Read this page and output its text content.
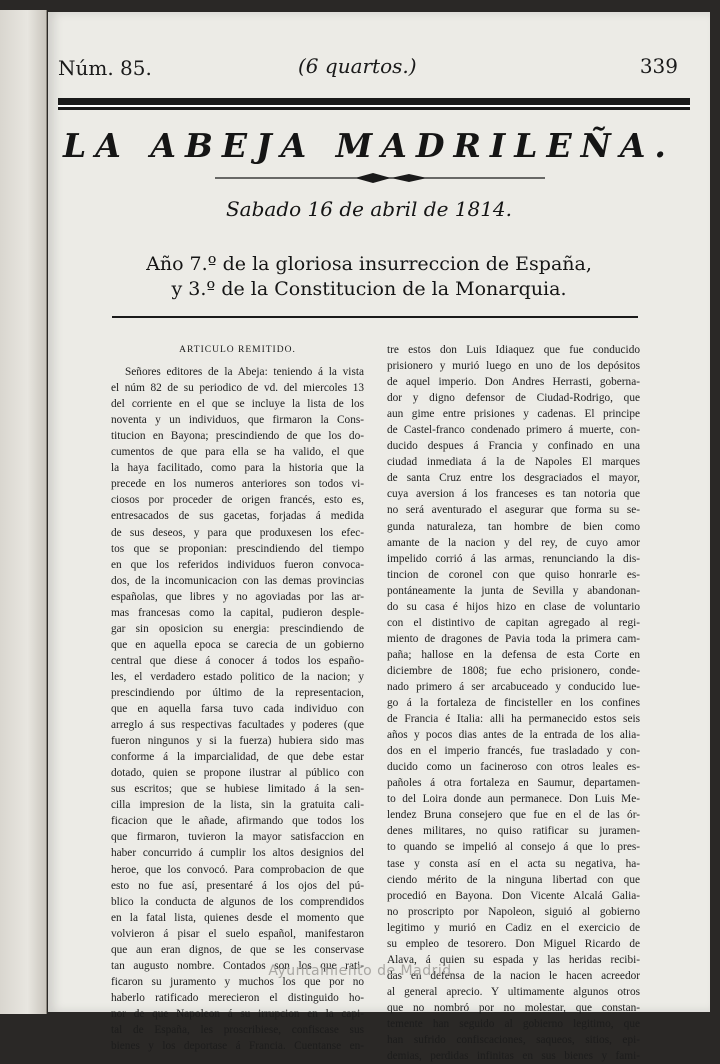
Núm. 85.	(6 quartos.)	339
LA ABEJA MADRILEÑA.
Sabado 16 de abril de 1814.
Año 7.º de la gloriosa insurreccion de España,
y 3.º de la Constitucion de la Monarquia.
ARTICULO REMITIDO.
Señores editores de la Abeja: teniendo á la vista
el núm 82 de su periodico de vd. del miercoles 13
del corriente en el que se incluye la lista de los
noventa y un individuos, que firmaron la Cons-
titucion en Bayona; prescindiendo de que los do-
cumentos de que para ella se ha valido, el que
la haya facilitado, como para la historia que la
precede en los numeros anteriores son todos vi-
ciosos por proceder de origen francés, esto es,
entresacados de sus gacetas, forjadas á medida
de sus deseos, y para que produxesen los efec-
tos que se proponian: prescindiendo del tiempo
en que los referidos individuos fueron convoca-
dos, de la incomunicacion con las demas provincias
españolas, que libres y no agoviadas por las ar-
mas francesas como la capital, pudieron desple-
gar sin oposicion su energia: prescindiendo de
que en aquella epoca se carecia de un gobierno
central que diese á conocer á todos los españo-
les, el verdadero estado politico de la nacion; y
prescindiendo por último de la representacion,
que en aquella farsa tuvo cada individuo con
arreglo á sus respectivas facultades y poderes (que
fueron ningunos y si la fuerza) hubiera sido mas
conforme á la imparcialidad, de que debe estar
dotado, quien se propone ilustrar al público con
sus escritos; que se hubiese limitado á la sen-
cilla impresion de la lista, sin la gratuita cali-
ficacion que le añade, afirmando que todos los
que firmaron, tuvieron la mayor satisfaccion en
haber concurrido á cumplir los altos designios del
heroe, que los convocó. Para comprobacion de que
esto no fue así, presentaré á los ojos del pú-
blico la conducta de algunos de los comprendidos
en la fatal lista, quienes desde el momento que
volvieron á pisar el suelo español, manifestaron
que aun eran dignos, de que se les conservase
tan augusto nombre. Contados son los que rati-
ficaron su juramento y muchos los que por no
haberlo ratificado merecieron el distinguido ho-
nor de que Napoleon á su irrupcion en la capi-
tal de España, les proscribiese, confiscase sus
bienes y los deportase á Francia. Cuentanse en-
tre estos don Luis Idiaquez que fue conducido
prisionero y murió luego en uno de los depósitos
de aquel imperio. Don Andres Herrasti, goberna-
dor y digno defensor de Ciudad-Rodrigo, que
aun gime entre prisiones y cadenas. El principe
de Castel-franco condenado primero á muerte, con-
ducido despues á Francia y confinado en una
ciudad inmediata á la de Napoles El marques
de santa Cruz entre los desgraciados el mayor,
cuya aversion á los franceses es tan notoria que
no será aventurado el asegurar que forma su se-
gunda naturaleza, tan hombre de bien como
amante de la nacion y del rey, de cuyo amor
impelido corrió á las armas, renunciando la dis-
tincion de coronel con que quiso honrarle es-
pontáneamente la junta de Sevilla y abandonan-
do su casa é hijos hizo en clase de voluntario
con el distintivo de capitan agregado al regi-
miento de dragones de Pavia toda la primera cam-
paña; hallose en la defensa de esta Corte en
diciembre de 1808; fue echo prisionero, conde-
nado primero á ser arcabuceado y conducido lue-
go á la fortaleza de fincisteller en los confines
de Francia é Italia: alli ha permanecido estos seis
años y pocos dias antes de la entrada de los alia-
dos en el imperio francés, fue trasladado y con-
ducido como un facineroso con otros leales es-
pañoles á otra fortaleza en Saumur, departamen-
to del Loira donde aun permanece. Don Luis Me-
lendez Bruna consejero que fue en el de las ór-
denes militares, no quiso ratificar su juramen-
to quando se impelió al consejo á que lo pres-
tase y consta así en el acta su negativa, ha-
ciendo mérito de la ninguna libertad con que
procedió en Bayona. Don Vicente Alcalá Galia-
no proscripto por Napoleon, siguió al gobierno
legitimo y murió en Cadiz en el exercicio de
su empleo de tesorero. Don Miguel Ricardo de
Alava, á quien su espada y las heridas recibi-
das en defensa de la nacion le hacen acreedor
al general aprecio. Y ultimamente algunos otros
que no nombró por no molestar, que constan-
temente han seguido al gobierno legitimo, que
han sufrido confiscaciones, saqueos, sitios, epi-
demias, perdidas infinitas en sus bienes y fami-
Ayuntamiento de Madrid
